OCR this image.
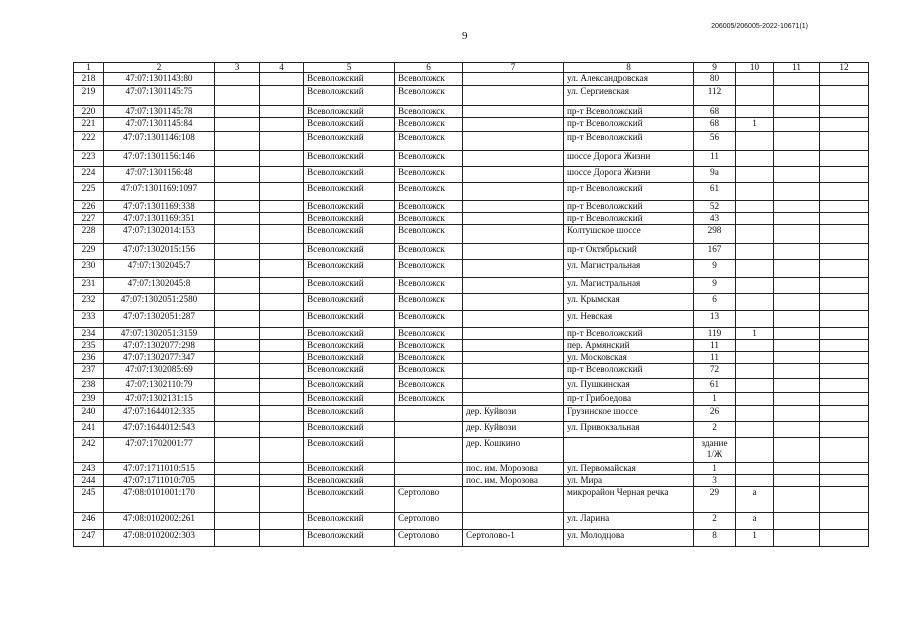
206005/206005-2022-10671(1)
9
1	2	3	4	5	6	7	8	9	10	11	12
218	47:07:1301143:80			Всеволожский	Всеволожск		ул. Александровская	80			
219	47:07:1301145:75			Всеволожский	Всеволожск		ул. Сергиевская	112			
220	47:07:1301145:78			Всеволожский	Всеволожск		пр-т Всеволожский	68			
221	47:07:1301145:84			Всеволожский	Всеволожск		пр-т Всеволожский	68	1		
222	47:07:1301146:108			Всеволожский	Всеволожск		пр-т Всеволожский	56			
223	47:07:1301156:146			Всеволожский	Всеволожск		шоссе Дорога Жизни	11			
224	47:07:1301156:48			Всеволожский	Всеволожск		шоссе Дорога Жизни	9а			
225	47:07:1301169:1097			Всеволожский	Всеволожск		пр-т Всеволожский	61			
226	47:07:1301169:338			Всеволожский	Всеволожск		пр-т Всеволожский	52			
227	47:07:1301169:351			Всеволожский	Всеволожск		пр-т Всеволожский	43			
228	47:07:1302014:153			Всеволожский	Всеволожск		Колтушское шоссе	298			
229	47:07:1302015:156			Всеволожский	Всеволожск		пр-т Октябрьский	167			
230	47:07:1302045:7			Всеволожский	Всеволожск		ул. Магистральная	9			
231	47:07:1302045:8			Всеволожский	Всеволожск		ул. Магистральная	9			
232	47:07:1302051:2580			Всеволожский	Всеволожск		ул. Крымская	6			
233	47:07:1302051:287			Всеволожский	Всеволожск		ул. Невская	13			
234	47:07:1302051:3159			Всеволожский	Всеволожск		пр-т Всеволожский	119	1		
235	47:07:1302077:298			Всеволожский	Всеволожск		пер. Армянский	11			
236	47:07:1302077:347			Всеволожский	Всеволожск		ул. Московская	11			
237	47:07:1302085:69			Всеволожский	Всеволожск		пр-т Всеволожский	72			
238	47:07:1302110:79			Всеволожский	Всеволожск		ул. Пушкинская	61			
239	47:07:1302131:15			Всеволожский	Всеволожск		пр-т Грибоедова	1			
240	47:07:1644012:335			Всеволожский		дер. Куйвози	Грузинское шоссе	26			
241	47:07:1644012:543			Всеволожский		дер. Куйвози	ул. Привокзальная	2			
242	47:07:1702001:77			Всеволожский		дер. Кошкино		здание 1/Ж			
243	47:07:1711010:515			Всеволожский		пос. им. Морозова	ул. Первомайская	1			
244	47:07:1711010:705			Всеволожский		пос. им. Морозова	ул. Мира	3			
245	47:08:0101001:170			Всеволожский	Сертолово		микрорайон Черная речка	29	а		
246	47:08:0102002:261			Всеволожский	Сертолово		ул. Ларина	2	а		
247	47:08:0102002:303			Всеволожский	Сертолово	Сертолово-1	ул. Молодцова	8	1		
